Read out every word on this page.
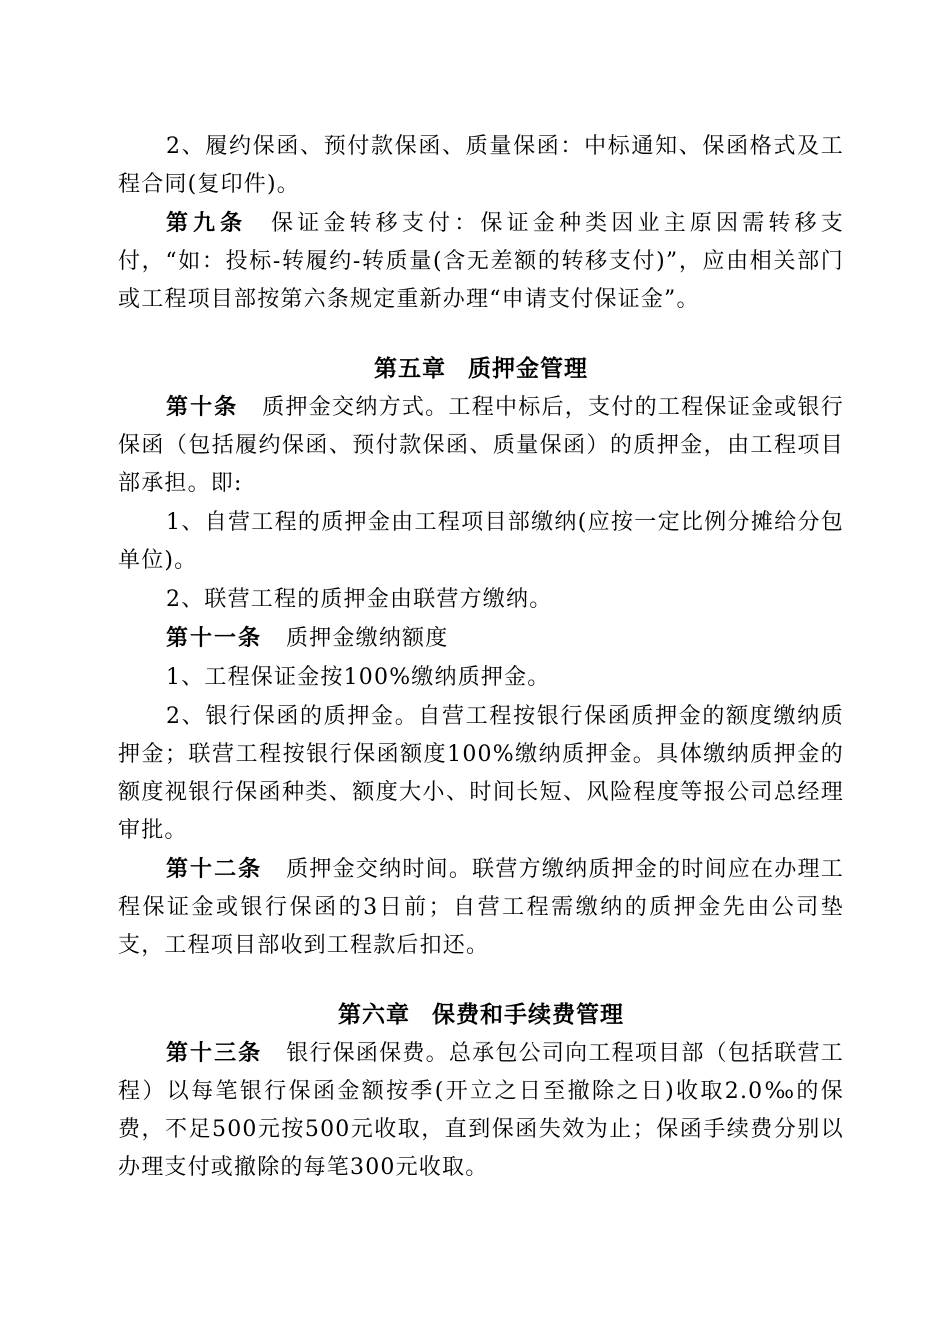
2、履约保函、预付款保函、质量保函：中标通知、保函格式及工程合同(复印件)。

第九条 保证金转移支付：保证金种类因业主原因需转移支付，“如：投标-转履约-转质量(含无差额的转移支付)”，应由相关部门或工程项目部按第六条规定重新办理“申请支付保证金”。

第五章 质押金管理

第十条 质押金交纳方式。工程中标后，支付的工程保证金或银行保函（包括履约保函、预付款保函、质量保函）的质押金，由工程项目部承担。即:

1、自营工程的质押金由工程项目部缴纳(应按一定比例分摊给分包单位)。

2、联营工程的质押金由联营方缴纳。

第十一条 质押金缴纳额度

1、工程保证金按100%缴纳质押金。

2、银行保函的质押金。自营工程按银行保函质押金的额度缴纳质押金；联营工程按银行保函额度100%缴纳质押金。具体缴纳质押金的额度视银行保函种类、额度大小、时间长短、风险程度等报公司总经理审批。

第十二条 质押金交纳时间。联营方缴纳质押金的时间应在办理工程保证金或银行保函的3日前；自营工程需缴纳的质押金先由公司垫支，工程项目部收到工程款后扣还。

第六章 保费和手续费管理

第十三条 银行保函保费。总承包公司向工程项目部（包括联营工程）以每笔银行保函金额按季(开立之日至撤除之日)收取2.0‰的保费，不足500元按500元收取，直到保函失效为止；保函手续费分别以办理支付或撤除的每笔300元收取。
